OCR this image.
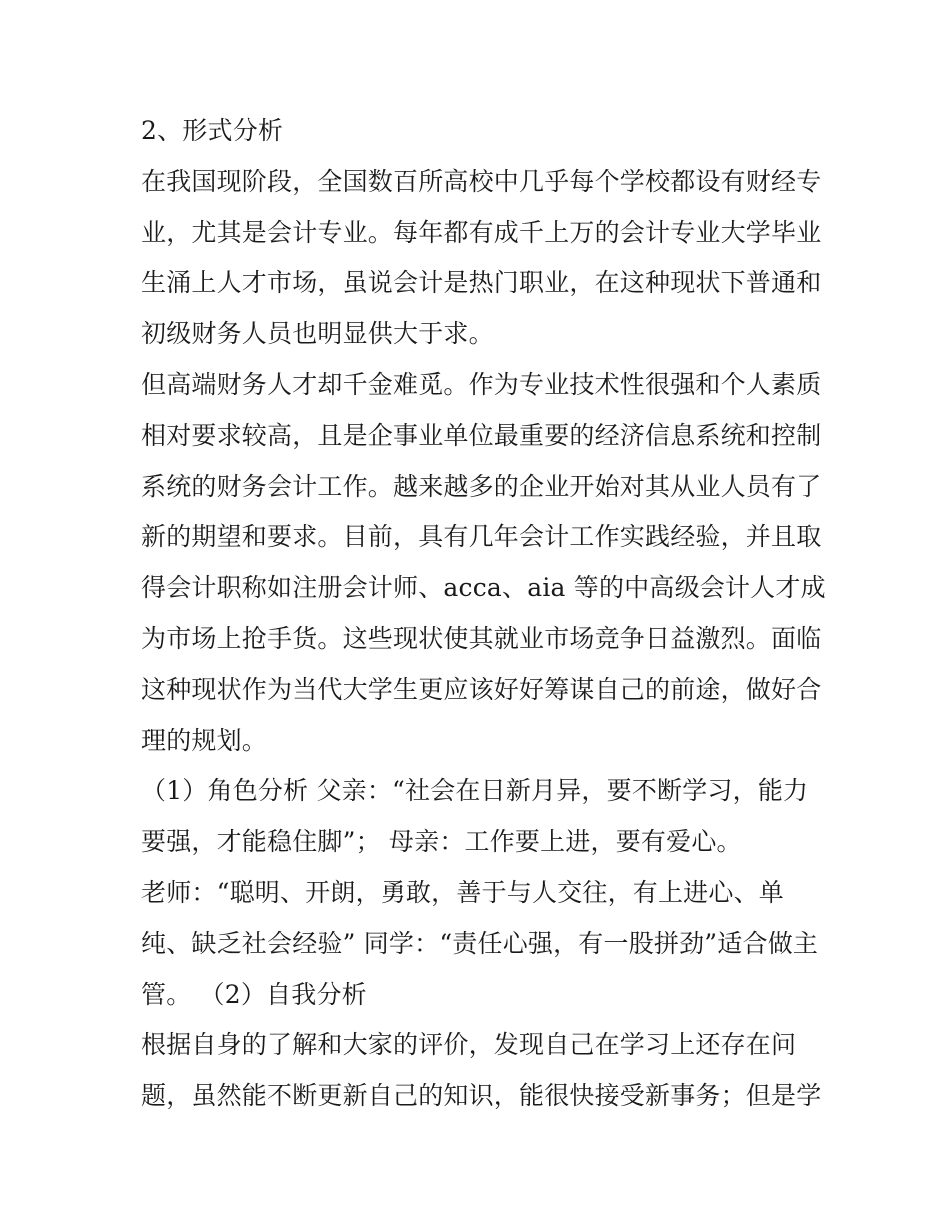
2、形式分析
在我国现阶段，全国数百所高校中几乎每个学校都设有财经专
业，尤其是会计专业。每年都有成千上万的会计专业大学毕业
生涌上人才市场，虽说会计是热门职业，在这种现状下普通和
初级财务人员也明显供大于求。
但高端财务人才却千金难觅。作为专业技术性很强和个人素质
相对要求较高，且是企事业单位最重要的经济信息系统和控制
系统的财务会计工作。越来越多的企业开始对其从业人员有了
新的期望和要求。目前，具有几年会计工作实践经验，并且取
得会计职称如注册会计师、acca、aia 等的中高级会计人才成
为市场上抢手货。这些现状使其就业市场竞争日益激烈。面临
这种现状作为当代大学生更应该好好筹谋自己的前途，做好合
理的规划。
（1）角色分析 父亲：“社会在日新月异，要不断学习，能力
要强，才能稳住脚”； 母亲：工作要上进，要有爱心。
老师：“聪明、开朗，勇敢，善于与人交往，有上进心、单
纯、缺乏社会经验” 同学：“责任心强，有一股拼劲”适合做主
管。 （2）自我分析
根据自身的了解和大家的评价，发现自己在学习上还存在问
题，虽然能不断更新自己的知识，能很快接受新事务；但是学
